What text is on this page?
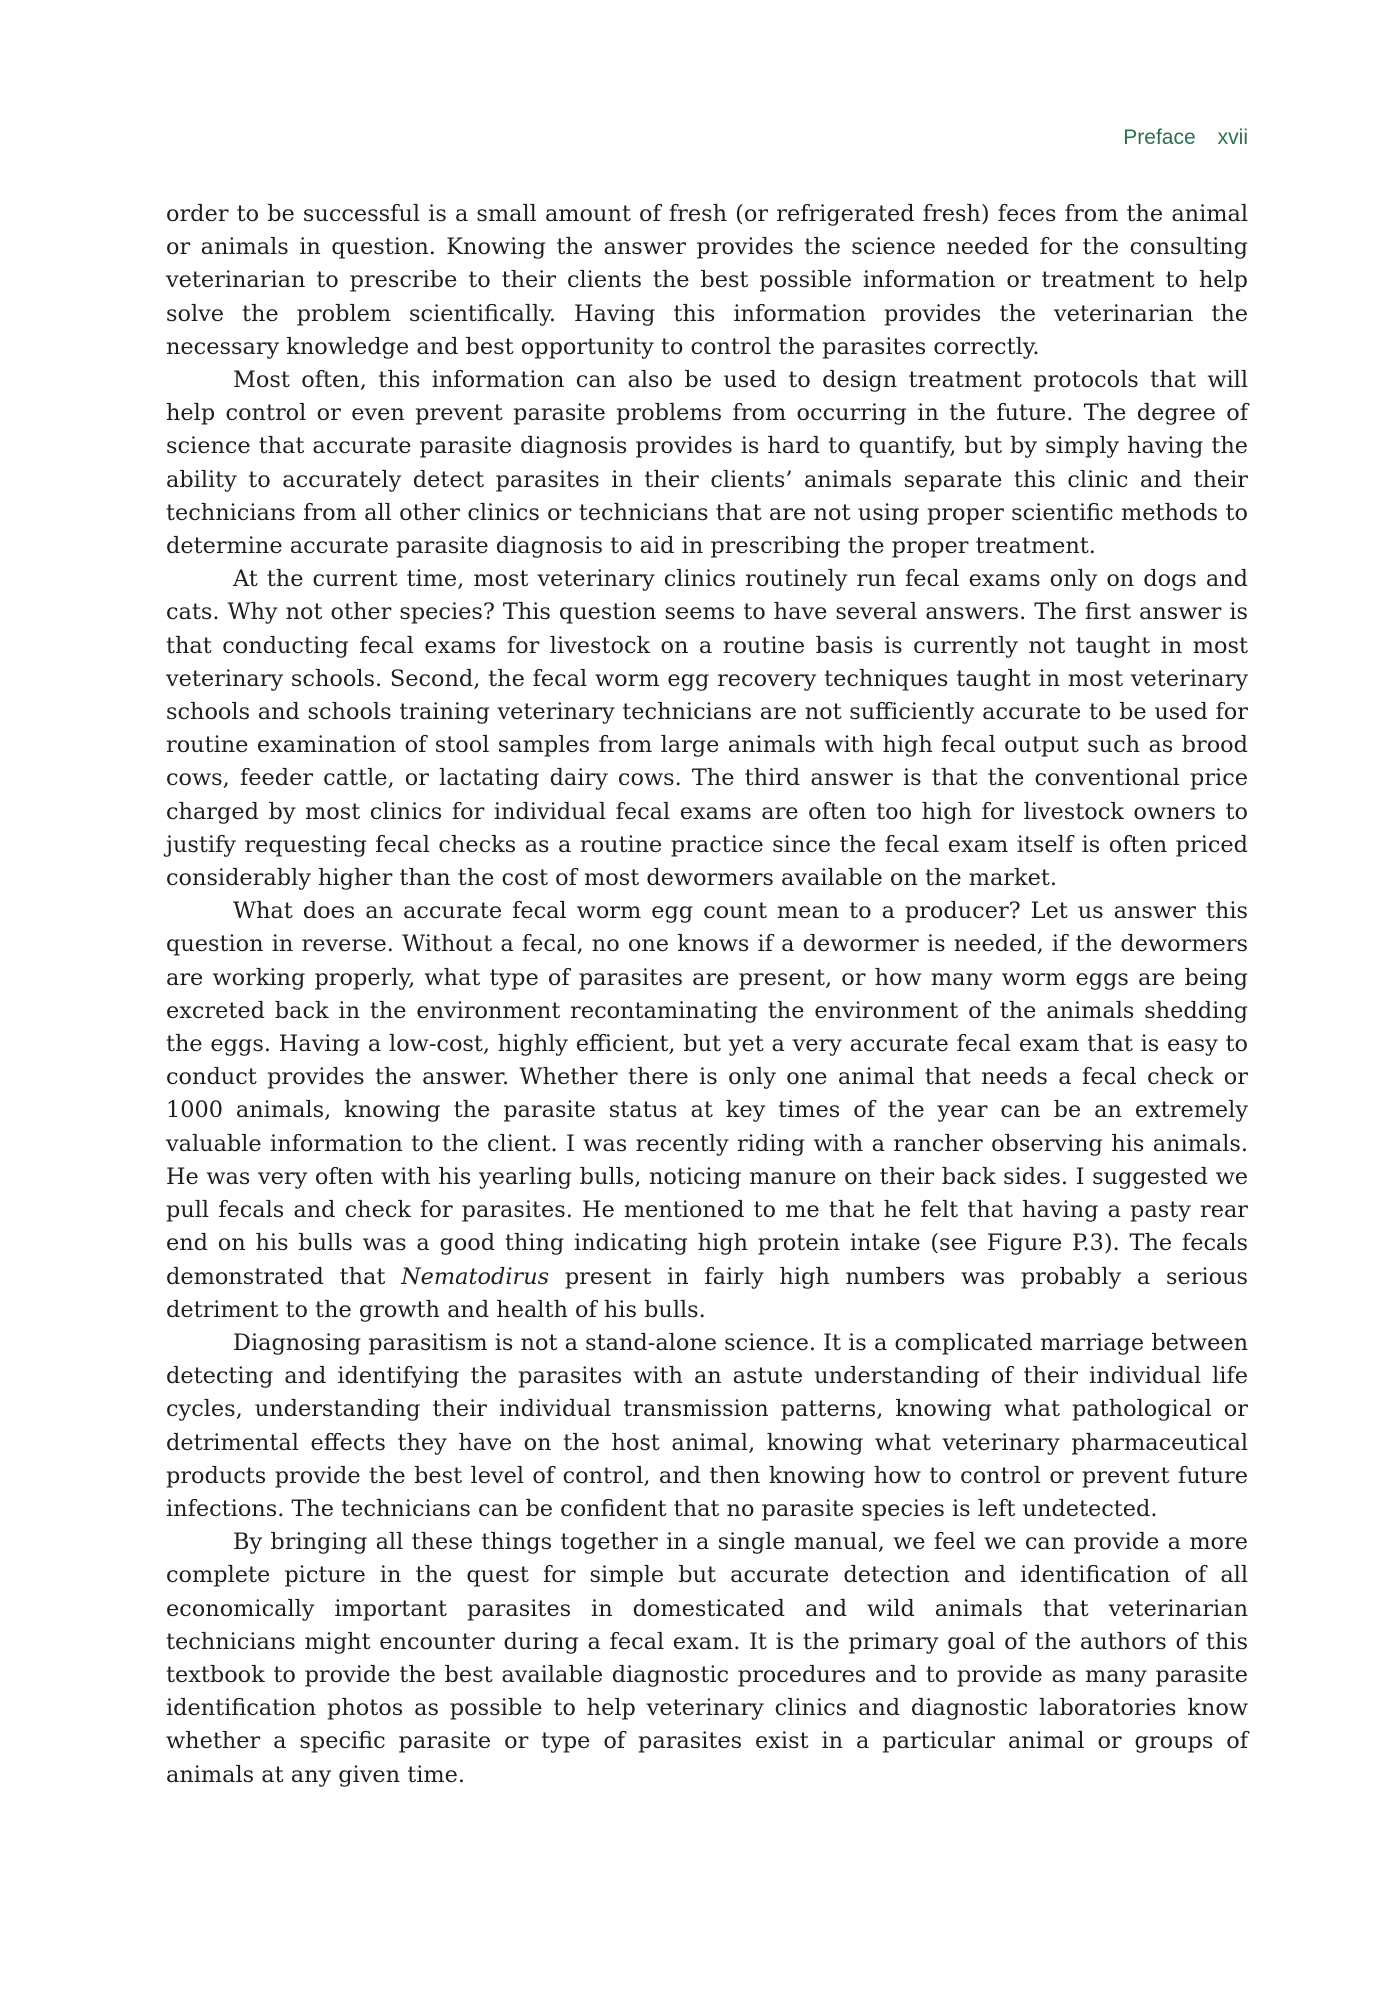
Preface xvii

order to be successful is a small amount of fresh (or refrigerated fresh) feces from the animal or animals in question. Knowing the answer provides the science needed for the consulting veterinarian to prescribe to their clients the best possible information or treatment to help solve the problem scientifically. Having this information provides the veterinarian the necessary knowledge and best opportunity to control the parasites correctly.

Most often, this information can also be used to design treatment protocols that will help control or even prevent parasite problems from occurring in the future. The degree of science that accurate parasite diagnosis provides is hard to quantify, but by simply having the ability to accurately detect parasites in their clients’ animals separate this clinic and their technicians from all other clinics or technicians that are not using proper scientific methods to determine accurate parasite diagnosis to aid in prescribing the proper treatment.

At the current time, most veterinary clinics routinely run fecal exams only on dogs and cats. Why not other species? This question seems to have several answers. The first answer is that conducting fecal exams for livestock on a routine basis is currently not taught in most veterinary schools. Second, the fecal worm egg recovery techniques taught in most veterinary schools and schools training veterinary technicians are not sufficiently accurate to be used for routine examination of stool samples from large animals with high fecal output such as brood cows, feeder cattle, or lactating dairy cows. The third answer is that the conventional price charged by most clinics for individual fecal exams are often too high for livestock owners to justify requesting fecal checks as a routine practice since the fecal exam itself is often priced considerably higher than the cost of most dewormers available on the market.

What does an accurate fecal worm egg count mean to a producer? Let us answer this question in reverse. Without a fecal, no one knows if a dewormer is needed, if the dewormers are working properly, what type of parasites are present, or how many worm eggs are being excreted back in the environment recontaminating the environment of the animals shedding the eggs. Having a low-cost, highly efficient, but yet a very accurate fecal exam that is easy to conduct provides the answer. Whether there is only one animal that needs a fecal check or 1000 animals, knowing the parasite status at key times of the year can be an extremely valuable information to the client. I was recently riding with a rancher observing his animals. He was very often with his yearling bulls, noticing manure on their back sides. I suggested we pull fecals and check for parasites. He mentioned to me that he felt that having a pasty rear end on his bulls was a good thing indicating high protein intake (see Figure P.3). The fecals demonstrated that Nematodirus present in fairly high numbers was probably a serious detriment to the growth and health of his bulls.

Diagnosing parasitism is not a stand-alone science. It is a complicated marriage between detecting and identifying the parasites with an astute understanding of their individual life cycles, understanding their individual transmission patterns, knowing what pathological or detrimental effects they have on the host animal, knowing what veterinary pharmaceutical products provide the best level of control, and then knowing how to control or prevent future infections. The technicians can be confident that no parasite species is left undetected.

By bringing all these things together in a single manual, we feel we can provide a more complete picture in the quest for simple but accurate detection and identification of all economically important parasites in domesticated and wild animals that veterinarian technicians might encounter during a fecal exam. It is the primary goal of the authors of this textbook to provide the best available diagnostic procedures and to provide as many parasite identification photos as possible to help veterinary clinics and diagnostic laboratories know whether a specific parasite or type of parasites exist in a particular animal or groups of animals at any given time.
